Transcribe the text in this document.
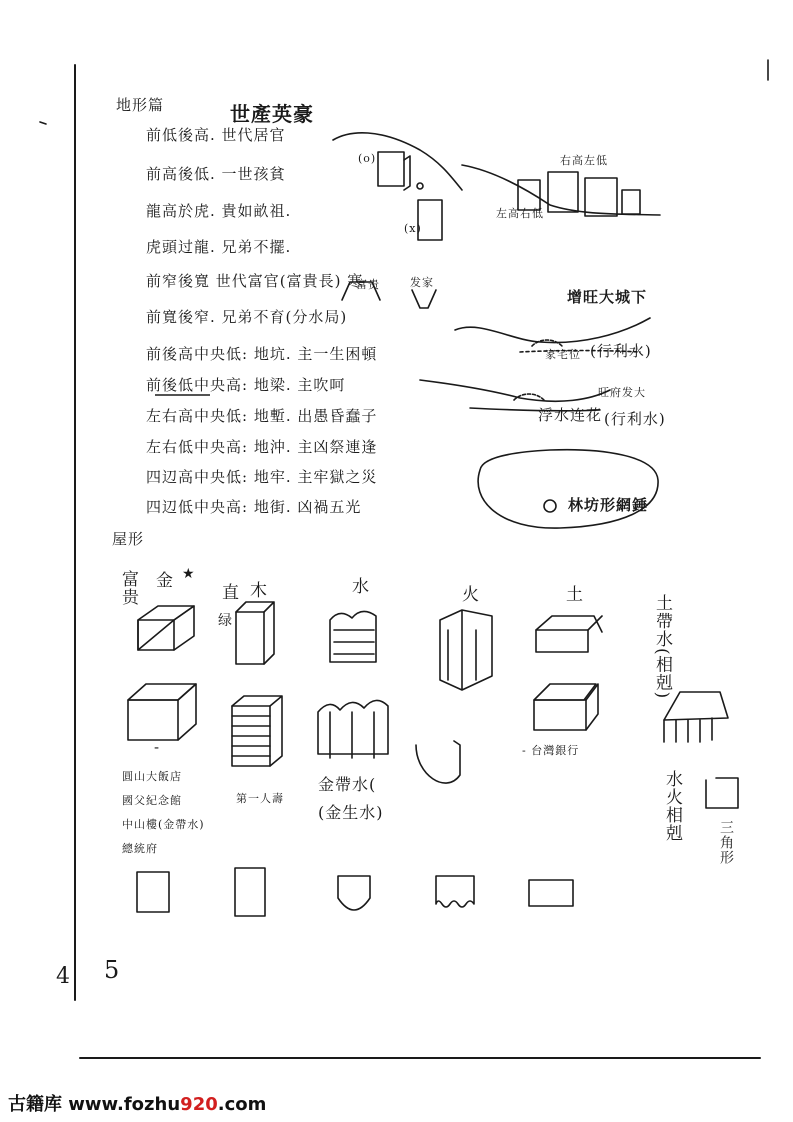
地形篇	世產英豪
前低後高. 世代居官
前高後低. 一世孩貧
龍高於虎. 貴如畝祖.
虎頭过龍. 兄弟不擺.
前窄後寬 世代富官(富貴長) 寒
前寬後窄. 兄弟不育(分水局)
前後高中央低: 地坑. 主一生困頓
前後低中央高: 地梁. 主吹呵
左右高中央低: 地塹. 出愚昏蠢子
左右低中央高: 地沖. 主凶祭連逢
四辺高中央低: 地牢. 主牢獄之災
四辺低中央高: 地街. 凶禍五光
(o)
(x)
左高右低
右高左低
富贵	发家
增旺大城下
家宅位 (行利水)
旺府发大
浮水连花 (行利水)
林坊形網錘
屋形
富贵 金 ★
直 木
绿
水	火	土
-
圓山大飯店
國父紀念館
中山樓(金帶水)
總統府
第一人壽
金帶水(
(金生水)
- 台灣銀行
土帶水(相剋)
水火相剋
三角形
4 5
古籍库 www.fozhu920.com
